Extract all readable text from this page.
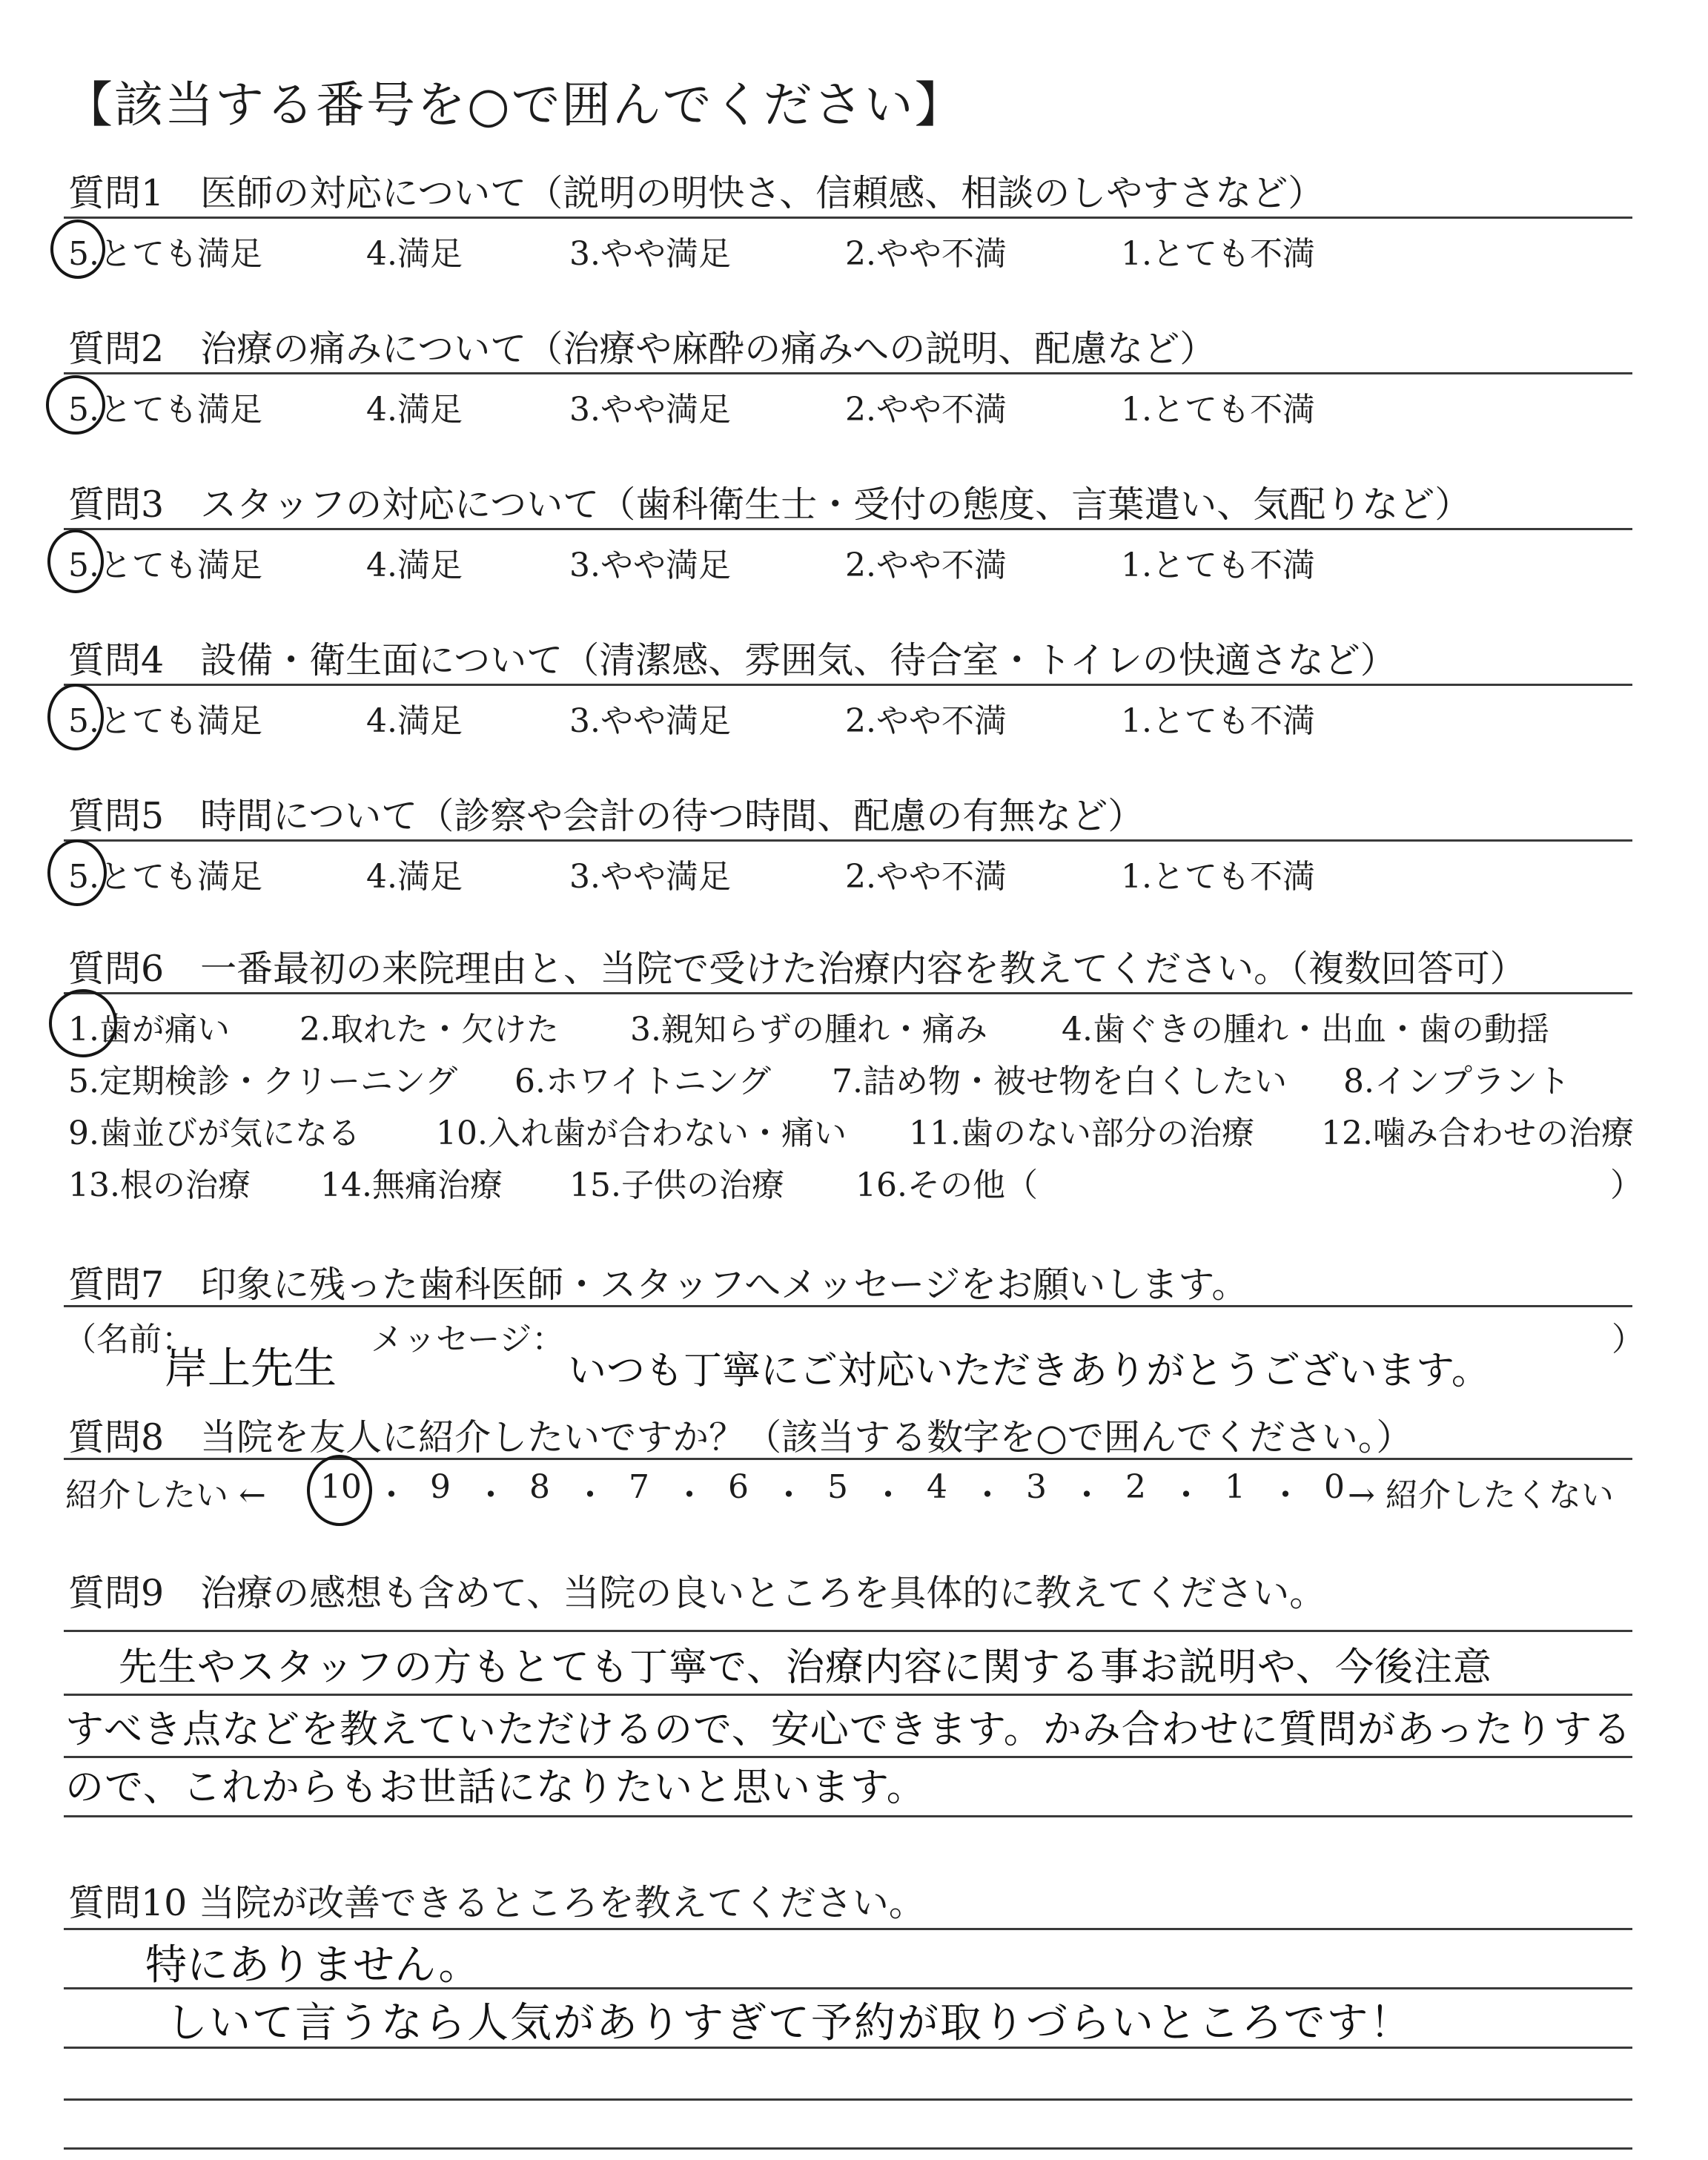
【該当する番号を○で囲んでください】
質問1　医師の対応について（説明の明快さ、信頼感、相談のしやすさなど）
5.とても満足	4.満足	3.やや満足	2.やや不満	1.とても不満
質問2　治療の痛みについて（治療や麻酔の痛みへの説明、配慮など）
5.とても満足	4.満足	3.やや満足	2.やや不満	1.とても不満
質問3　スタッフの対応について（歯科衛生士・受付の態度、言葉遣い、気配りなど）
5.とても満足	4.満足	3.やや満足	2.やや不満	1.とても不満
質問4　設備・衛生面について（清潔感、雰囲気、待合室・トイレの快適さなど）
5.とても満足	4.満足	3.やや満足	2.やや不満	1.とても不満
質問5　時間について（診察や会計の待つ時間、配慮の有無など）
5.とても満足	4.満足	3.やや満足	2.やや不満	1.とても不満
質問6　一番最初の来院理由と、当院で受けた治療内容を教えてください。（複数回答可）
1.歯が痛い 2.取れた・欠けた 3.親知らずの腫れ・痛み 4.歯ぐきの腫れ・出血・歯の動揺
5.定期検診・クリーニング 6.ホワイトニング 7.詰め物・被せ物を白くしたい 8.インプラント
9.歯並びが気になる 10.入れ歯が合わない・痛い 11.歯のない部分の治療 12.噛み合わせの治療
13.根の治療 14.無痛治療 15.子供の治療 16.その他（	）
質問7　印象に残った歯科医師・スタッフへメッセージをお願いします。
（名前：
岸上先生
メッセージ：
いつも丁寧にご対応いただきありがとうございます。
）
質問8　当院を友人に紹介したいですか？（該当する数字を○で囲んでください。）
紹介したい ← 10 ・ 9 ・ 8 ・ 7 ・ 6 ・ 5 ・ 4 ・ 3 ・ 2 ・ 1 ・ 0 → 紹介したくない
質問9　治療の感想も含めて、当院の良いところを具体的に教えてください。
先生やスタッフの方もとても丁寧で、治療内容に関する事お説明や、今後注意
すべき点などを教えていただけるので、安心できます。かみ合わせに質問があったりする
ので、これからもお世話になりたいと思います。
質問10 当院が改善できるところを教えてください。
特にありません。
しいて言うなら人気がありすぎて予約が取りづらいところです！
